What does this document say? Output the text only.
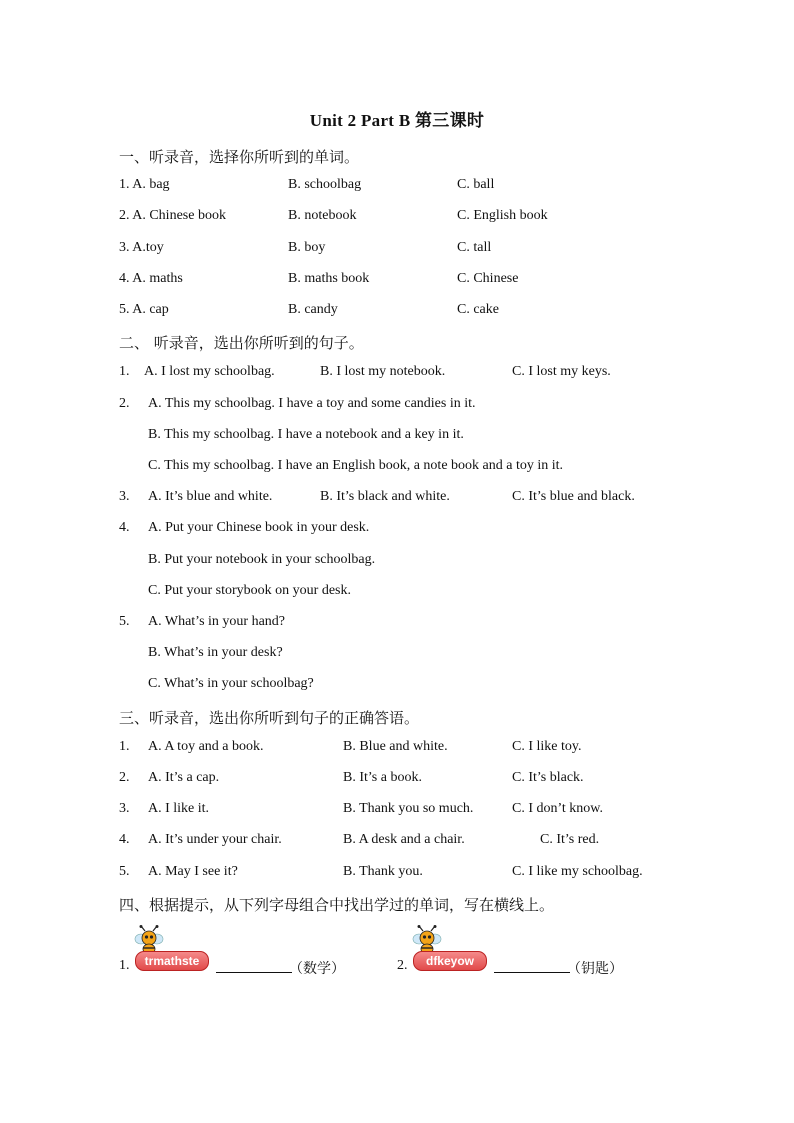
Unit 2 Part B 第三课时
一、听录音，选择你所听到的单词。
1. A. bag	B. schoolbag	C. ball
2. A. Chinese book	B. notebook	C. English book
3. A.toy	B. boy	C. tall
4. A. maths	B. maths book	C. Chinese
5. A. cap	B. candy	C. cake
二、 听录音，选出你所听到的句子。
1. A. I lost my schoolbag.	B. I lost my notebook.	C. I lost my keys.
2. A. This my schoolbag. I have a toy and some candies in it.
B. This my schoolbag. I have a notebook and a key in it.
C. This my schoolbag. I have an English book, a note book and a toy in it.
3. A. It’s blue and white.	B. It’s black and white.	C. It’s blue and black.
4. A. Put your Chinese book in your desk.
B. Put your notebook in your schoolbag.
C. Put your storybook on your desk.
5. A. What’s in your hand?
B. What’s in your desk?
C. What’s in your schoolbag?
三、听录音，选出你所听到句子的正确答语。
1. A. A toy and a book.	B. Blue and white.	C. I like toy.
2. A. It’s a cap.	B. It’s a book.	C. It’s black.
3. A. I like it.	B. Thank you so much.	C. I don’t know.
4. A. It’s under your chair.	B. A desk and a chair.	C. It’s red.
5. A. May I see it?	B. Thank you.	C. I like my schoolbag.
四、根据提示，从下列字母组合中找出学过的单词，写在横线上。
1.	trmathste	（数学）	2.	dfkeyow	（钥匙）
